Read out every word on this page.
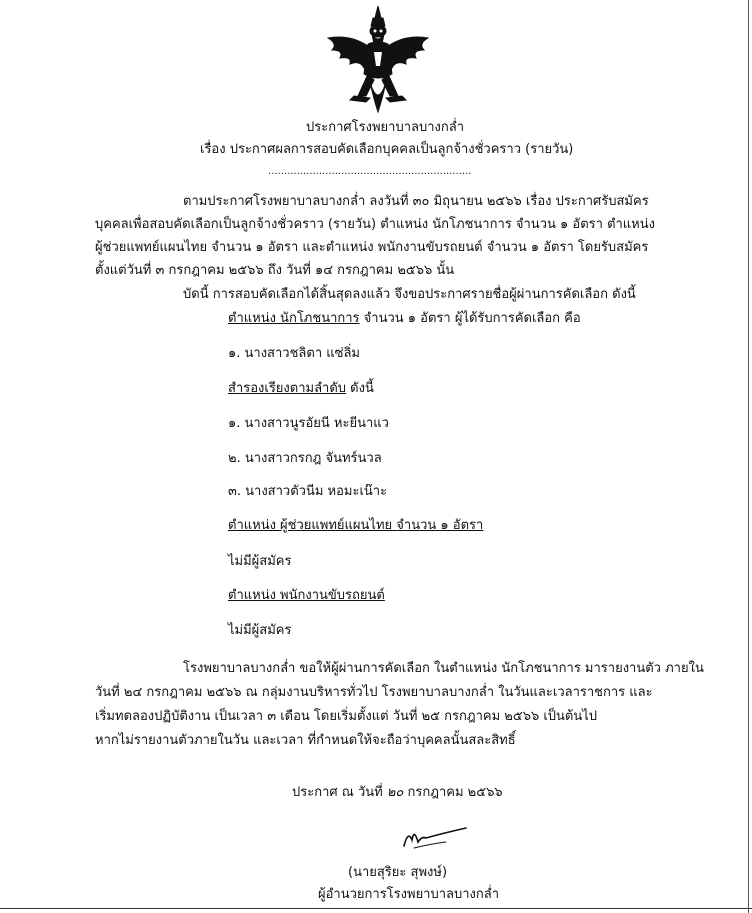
ประกาศโรงพยาบาลบางกล่ำ
เรื่อง ประกาศผลการสอบคัดเลือกบุคคลเป็นลูกจ้างชั่วคราว (รายวัน)
................................................................
ตามประกาศโรงพยาบาลบางกล่ำ ลงวันที่ ๓๐ มิถุนายน ๒๕๖๖ เรื่อง ประกาศรับสมัคร
บุคคลเพื่อสอบคัดเลือกเป็นลูกจ้างชั่วคราว (รายวัน) ตำแหน่ง นักโภชนาการ จำนวน ๑ อัตรา ตำแหน่ง
ผู้ช่วยแพทย์แผนไทย จำนวน ๑ อัตรา และตำแหน่ง พนักงานขับรถยนต์ จำนวน ๑ อัตรา โดยรับสมัคร
ตั้งแต่วันที่ ๓ กรกฎาคม ๒๕๖๖ ถึง วันที่ ๑๔ กรกฎาคม ๒๕๖๖ นั้น
บัดนี้ การสอบคัดเลือกได้สิ้นสุดลงแล้ว จึงขอประกาศรายชื่อผู้ผ่านการคัดเลือก ดังนี้
ตำแหน่ง นักโภชนาการ จำนวน ๑ อัตรา ผู้ได้รับการคัดเลือก คือ
๑. นางสาวชลิตา แซ่ลิ่ม
สำรองเรียงตามลำดับ ดังนี้
๑. นางสาวนูรอัยนี หะยีนาแว
๒. นางสาวกรกฎ จันทร์นวล
๓. นางสาวตัวนีม หอมะเน๊าะ
ตำแหน่ง ผู้ช่วยแพทย์แผนไทย จำนวน ๑ อัตรา
ไม่มีผู้สมัคร
ตำแหน่ง พนักงานขับรถยนต์
ไม่มีผู้สมัคร
โรงพยาบาลบางกล่ำ ขอให้ผู้ผ่านการคัดเลือก ในตำแหน่ง นักโภชนาการ มารายงานตัว ภายใน
วันที่ ๒๔ กรกฎาคม ๒๕๖๖ ณ กลุ่มงานบริหารทั่วไป โรงพยาบาลบางกล่ำ ในวันและเวลาราชการ และ
เริ่มทดลองปฏิบัติงาน เป็นเวลา ๓ เดือน โดยเริ่มตั้งแต่ วันที่ ๒๕ กรกฎาคม ๒๕๖๖ เป็นต้นไป
หากไม่รายงานตัวภายในวัน และเวลา ที่กำหนดให้จะถือว่าบุคคลนั้นสละสิทธิ์
ประกาศ ณ วันที่ ๒๐ กรกฎาคม ๒๕๖๖
(นายสุริยะ สุพงษ์)
ผู้อำนวยการโรงพยาบาลบางกล่ำ
